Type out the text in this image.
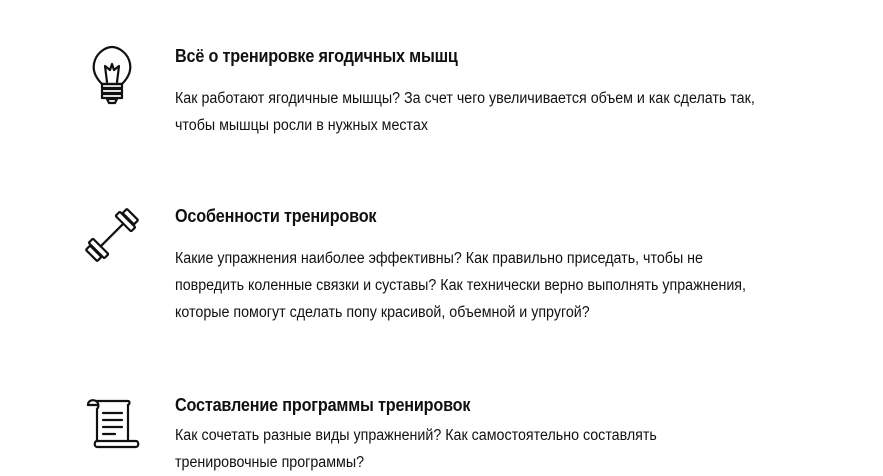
Всё о тренировке ягодичных мышц

Как работают ягодичные мышцы? За счет чего увеличивается объем и как сделать так,
чтобы мышцы росли в нужных местах

Особенности тренировок

Какие упражнения наиболее эффективны? Как правильно приседать, чтобы не
повредить коленные связки и суставы? Как технически верно выполнять упражнения,
которые помогут сделать попу красивой, объемной и упругой?

Составление программы тренировок

Как сочетать разные виды упражнений? Как самостоятельно составлять
тренировочные программы?
